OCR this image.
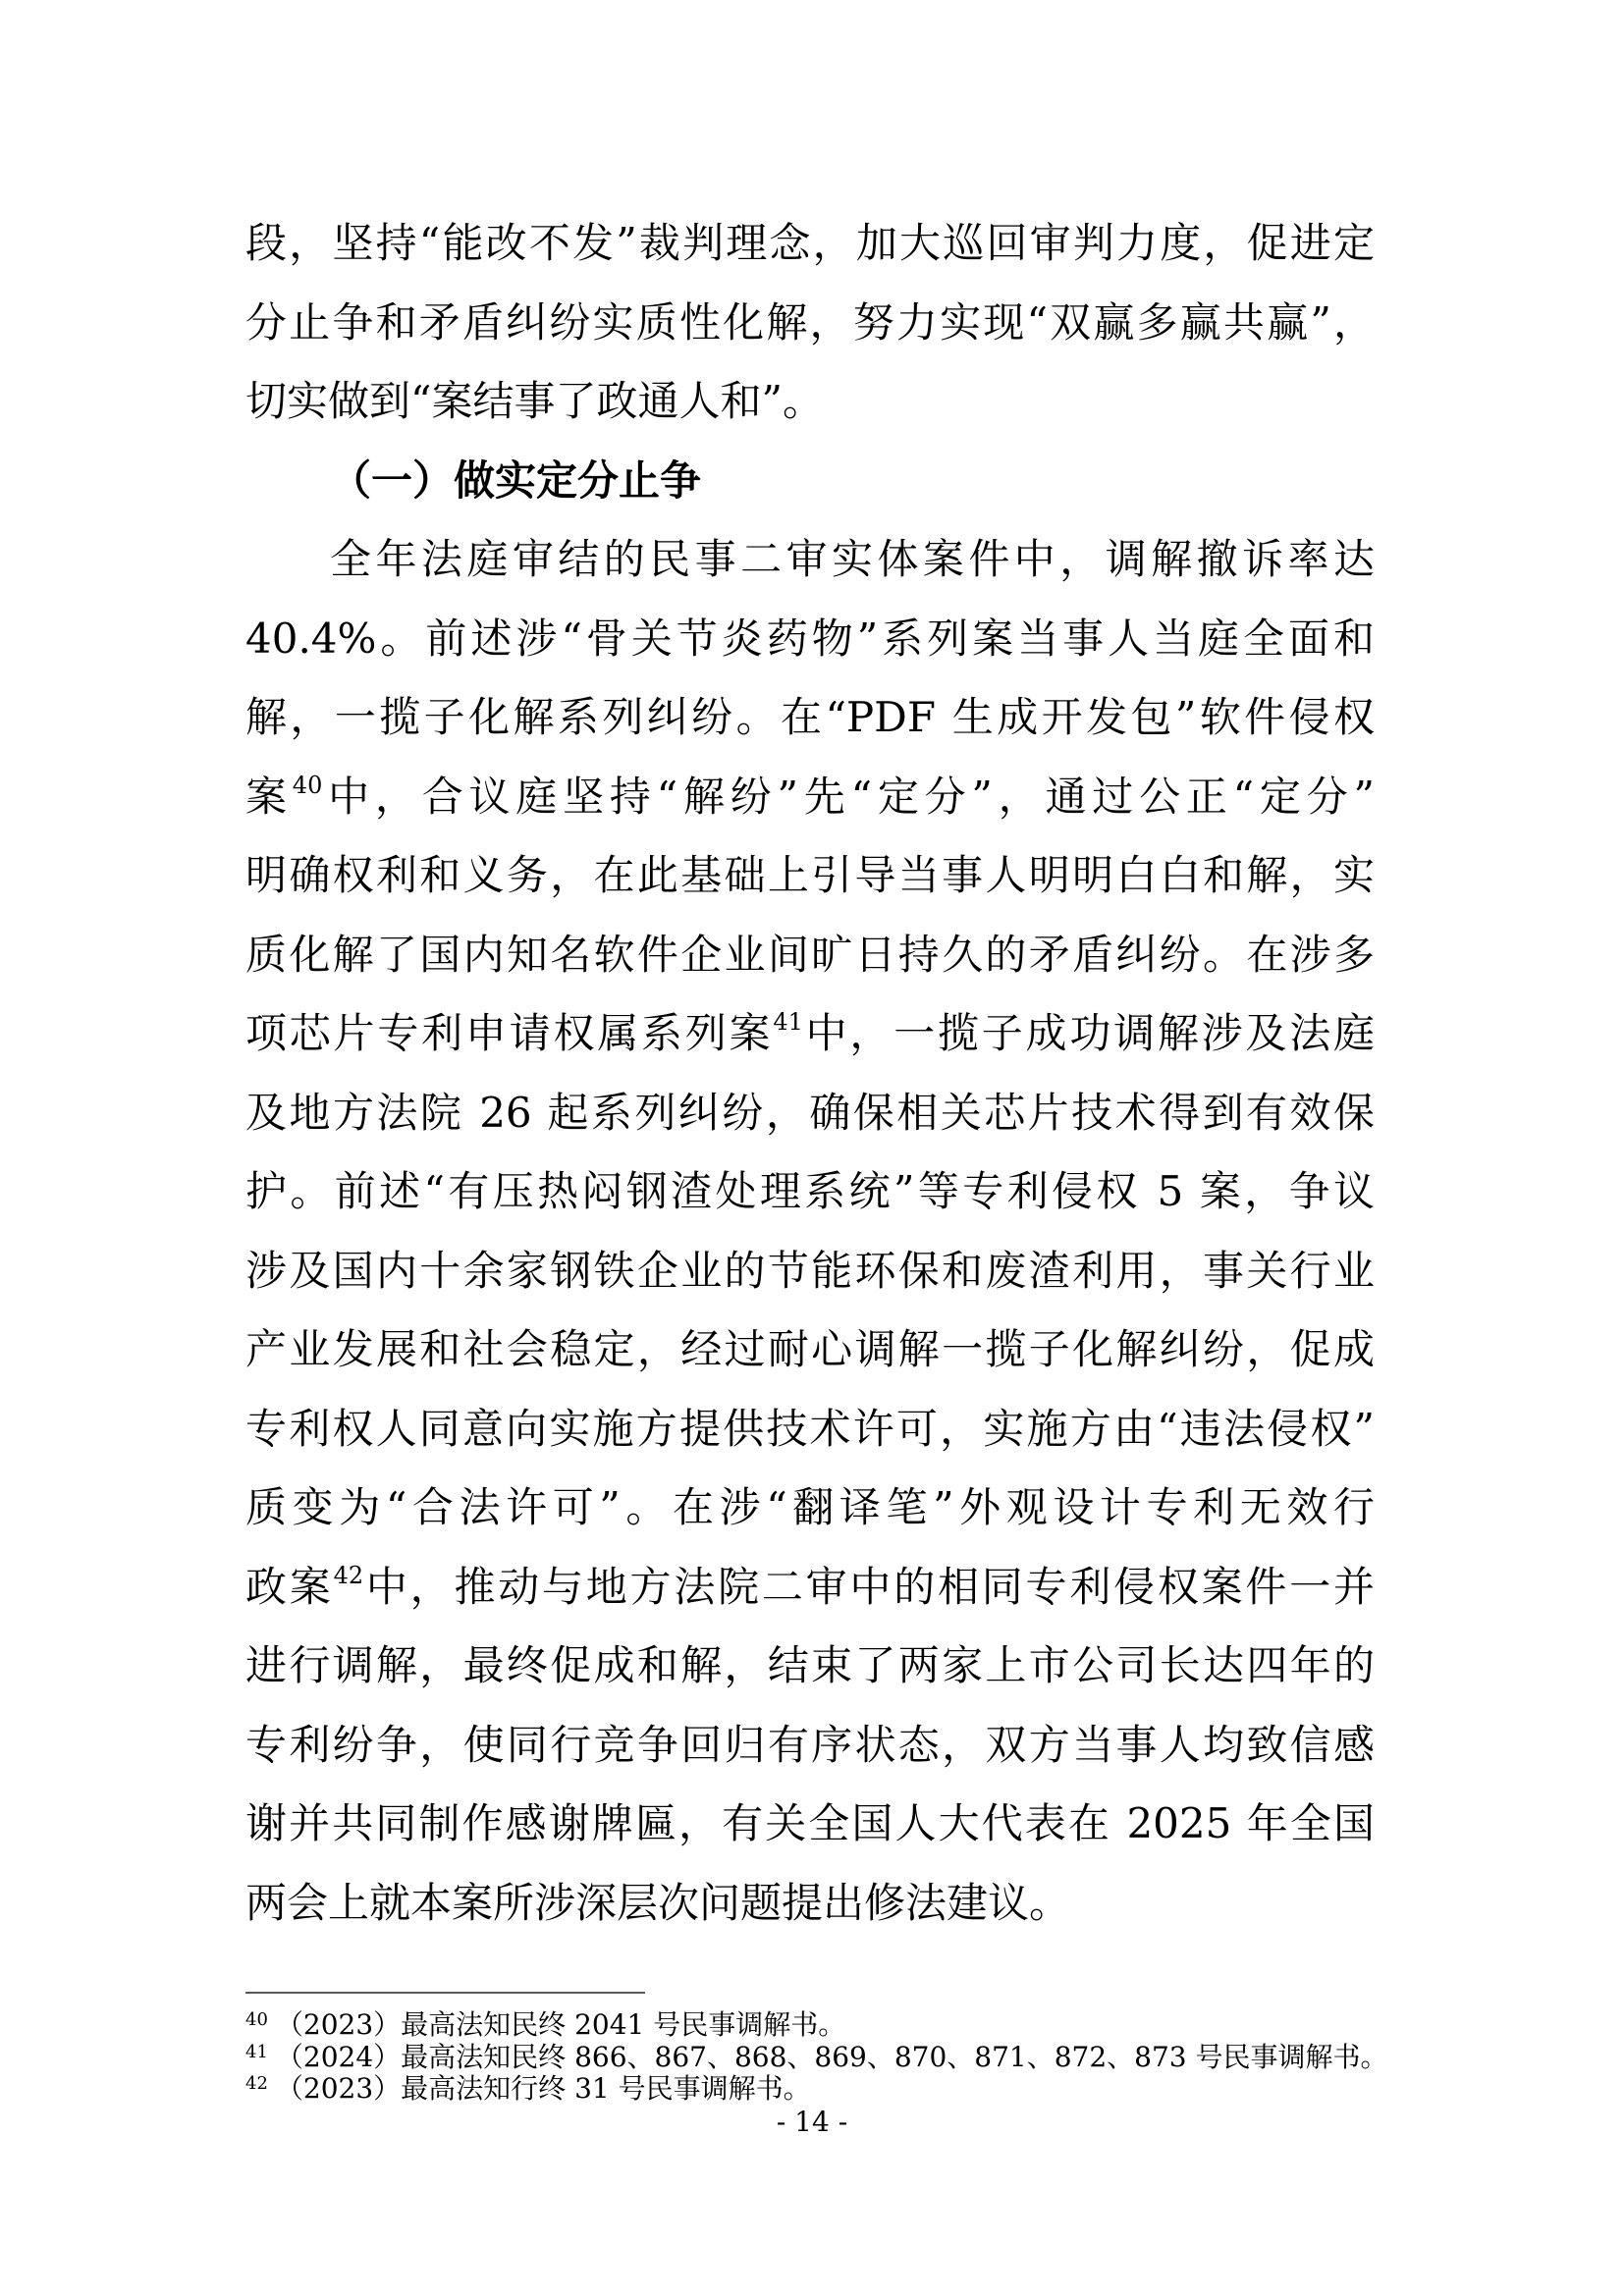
段，坚持“能改不发”裁判理念，加大巡回审判力度，促进定
分止争和矛盾纠纷实质性化解，努力实现“双赢多赢共赢”，
切实做到“案结事了政通人和”。
（一）做实定分止争
全年法庭审结的民事二审实体案件中，调解撤诉率达
40.4%。前述涉“骨关节炎药物”系列案当事人当庭全面和
解，一揽子化解系列纠纷。在“PDF 生成开发包”软件侵权
案$^{40}$中，合议庭坚持“解纷”先“定分”，通过公正“定分”
明确权利和义务，在此基础上引导当事人明明白白和解，实
质化解了国内知名软件企业间旷日持久的矛盾纠纷。在涉多
项芯片专利申请权属系列案$^{41}$中，一揽子成功调解涉及法庭
及地方法院 26 起系列纠纷，确保相关芯片技术得到有效保
护。前述“有压热闷钢渣处理系统”等专利侵权 5 案，争议
涉及国内十余家钢铁企业的节能环保和废渣利用，事关行业
产业发展和社会稳定，经过耐心调解一揽子化解纠纷，促成
专利权人同意向实施方提供技术许可，实施方由“违法侵权”
质变为“合法许可”。在涉“翻译笔”外观设计专利无效行
政案$^{42}$中，推动与地方法院二审中的相同专利侵权案件一并
进行调解，最终促成和解，结束了两家上市公司长达四年的
专利纷争，使同行竞争回归有序状态，双方当事人均致信感
谢并共同制作感谢牌匾，有关全国人大代表在 2025 年全国
两会上就本案所涉深层次问题提出修法建议。
$^{40}$ （2023）最高法知民终 2041 号民事调解书。
$^{41}$ （2024）最高法知民终 866、867、868、869、870、871、872、873 号民事调解书。
$^{42}$ （2023）最高法知行终 31 号民事调解书。
- 14 -
